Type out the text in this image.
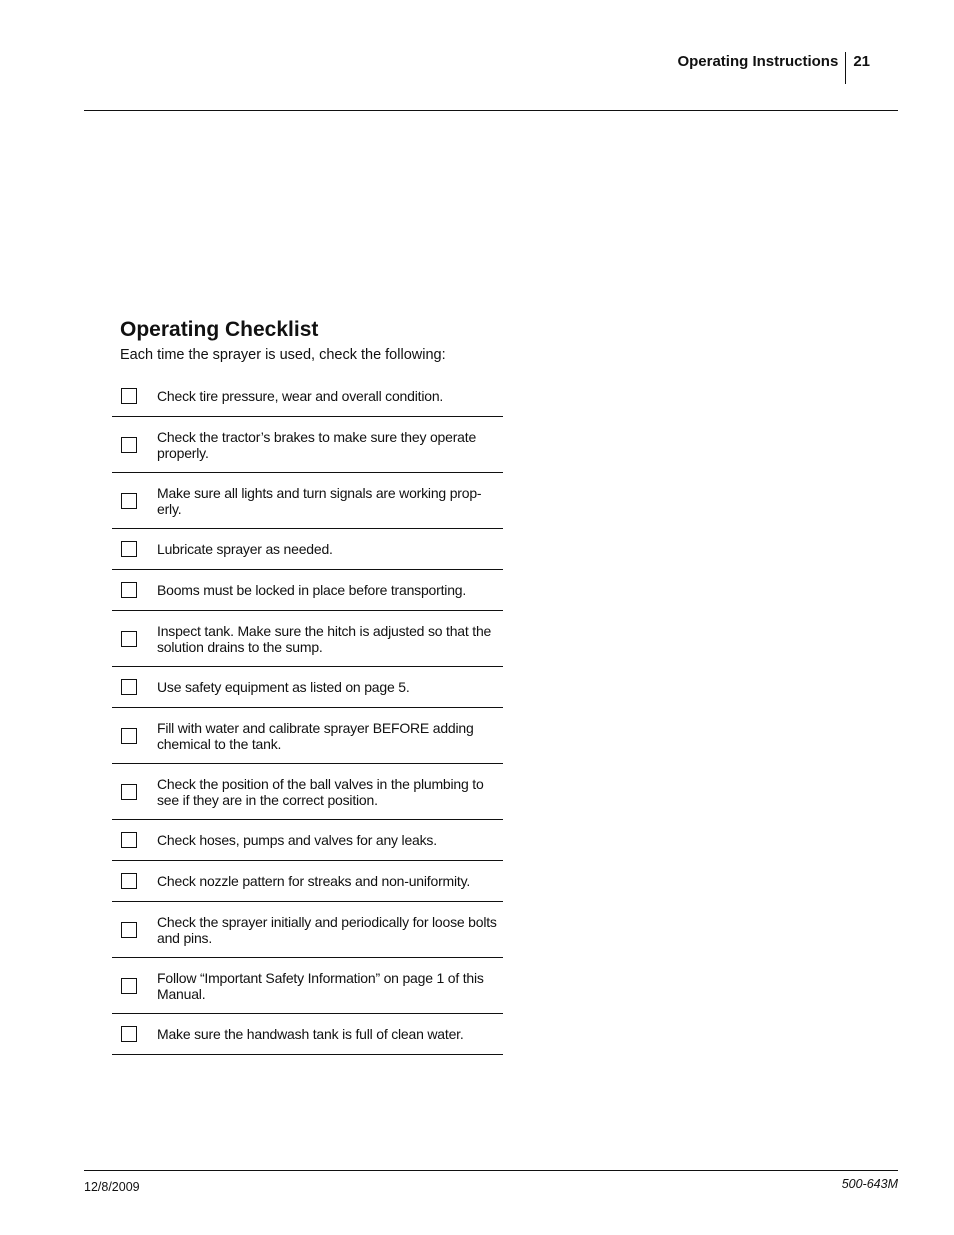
Operating Instructions	21
Operating Checklist

Each time the sprayer is used, check the following:

Check tire pressure, wear and overall condition.
Check the tractor’s brakes to make sure they operate properly.
Make sure all lights and turn signals are working prop-erly.
Lubricate sprayer as needed.
Booms must be locked in place before transporting.
Inspect tank. Make sure the hitch is adjusted so that the solution drains to the sump.
Use safety equipment as listed on page 5.
Fill with water and calibrate sprayer BEFORE adding chemical to the tank.
Check the position of the ball valves in the plumbing to see if they are in the correct position.
Check hoses, pumps and valves for any leaks.
Check nozzle pattern for streaks and non-uniformity.
Check the sprayer initially and periodically for loose bolts and pins.
Follow “Important Safety Information” on page 1 of this Manual.
Make sure the handwash tank is full of clean water.
12/8/2009	500-643M
